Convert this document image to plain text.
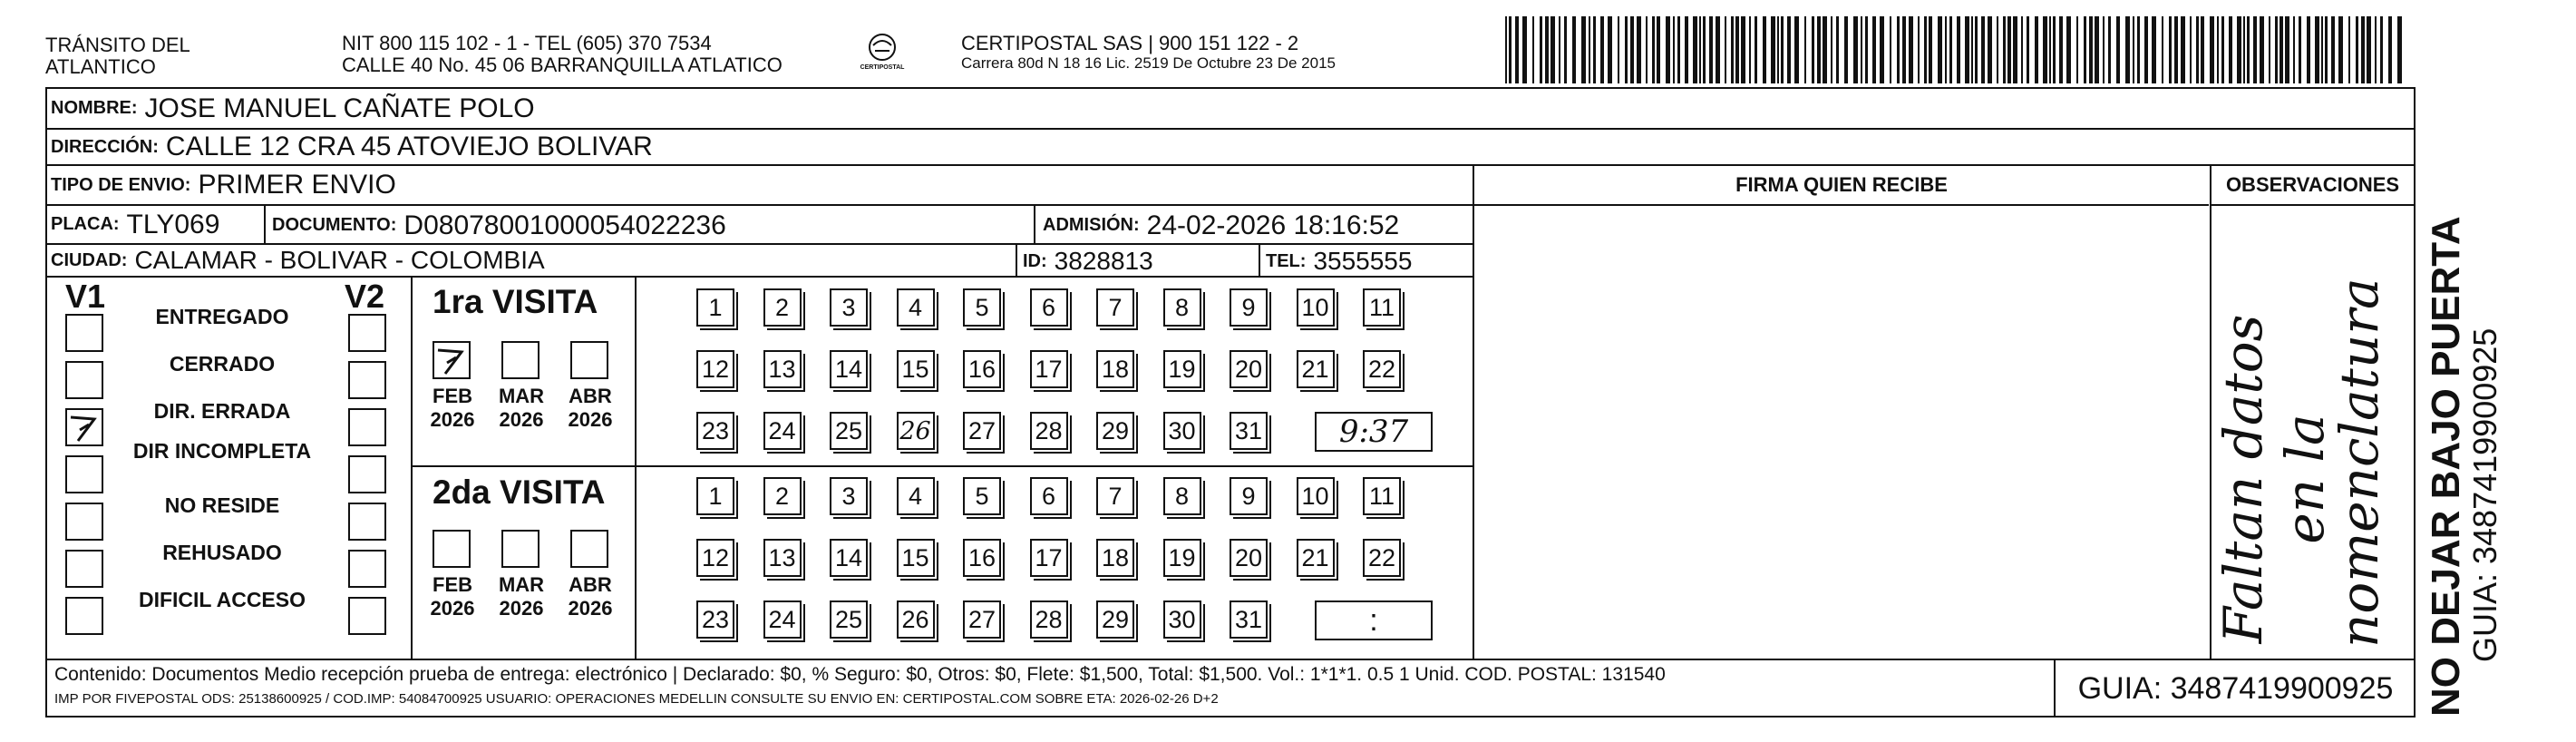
TRÁNSITO DEL
ATLANTICO
NIT 800 115 102 - 1 - TEL (605) 370 7534
CALLE 40 No. 45 06 BARRANQUILLA ATLATICO	CERTIPOSTAL
CERTIPOSTAL SAS | 900 151 122 - 2
Carrera 80d N 18 16 Lic. 2519 De Octubre 23 De 2015
NOMBRE: JOSE MANUEL CAÑATE POLO
DIRECCIÓN: CALLE 12 CRA 45 ATOVIEJO BOLIVAR
TIPO DE ENVIO: PRIMER ENVIO
PLACA: TLY069	DOCUMENTO: D08078001000054022236	ADMISIÓN: 24-02-2026 18:16:52
CIUDAD: CALAMAR - BOLIVAR - COLOMBIA	ID: 3828813	TEL: 3555555
FIRMA QUIEN RECIBE	OBSERVACIONES
Faltan datos en la
nomenclatura
V1	V2
ENTREGADO
CERRADO
DIR. ERRADA
DIR INCOMPLETA
NO RESIDE
REHUSADO
DIFICIL ACCESO
1ra VISITA
2da VISITA
FEB
2026
MAR
2026
ABR
2026
1	2	3	4	5	6	7	8	9	10 11
12 13 14 15 16 17 18 19 20 21 22
23 24 25 26 27 28 29 30 31	9:37
FEB
2026
MAR
2026
ABR
2026
1	2	3	4	5	6	7	8	9	10 11
12 13 14 15 16 17 18 19 20 21 22
23 24 25 26 27 28 29 30 31	:
Contenido: Documentos Medio recepción prueba de entrega: electrónico | Declarado: $0, % Seguro: $0, Otros: $0, Flete: $1,500, Total: $1,500. Vol.: 1*1*1. 0.5 1 Unid. COD. POSTAL: 131540
IMP POR FIVEPOSTAL ODS: 25138600925 / COD.IMP: 54084700925 USUARIO: OPERACIONES MEDELLIN CONSULTE SU ENVIO EN: CERTIPOSTAL.COM SOBRE ETA: 2026-02-26 D+2	GUIA: 3487419900925 NO DEJAR BAJO PUERTA
GUIA: 3487419900925
